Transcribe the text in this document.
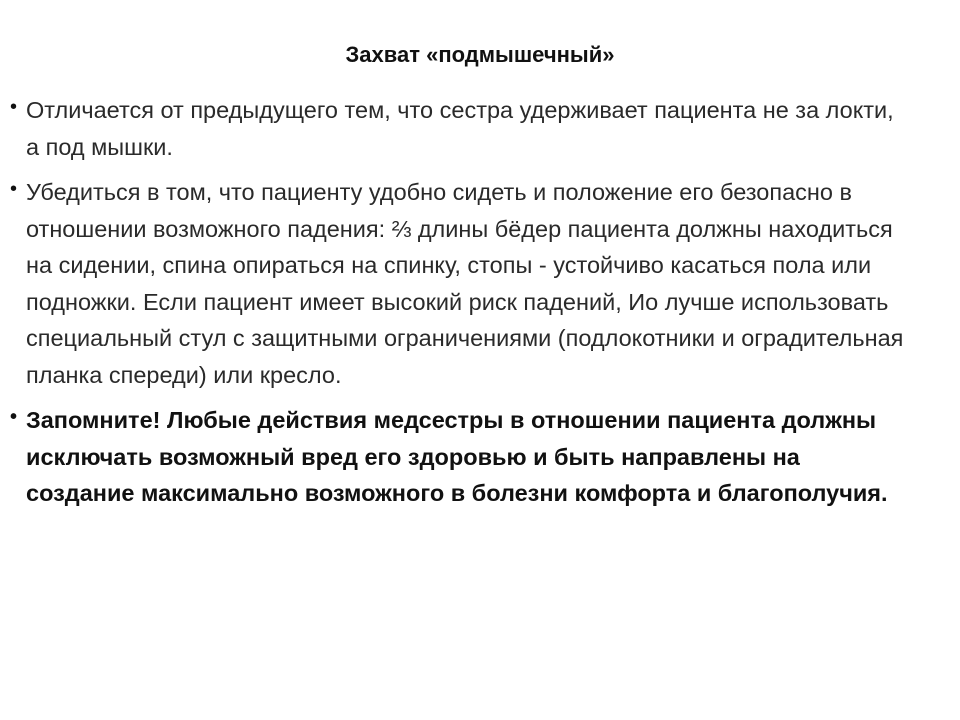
Захват «подмышечный»
• Отличается от предыдущего тем, что сестра удерживает пациента не за локти, а под мышки.
• Убедиться в том, что пациенту удобно сидеть и положение его безопасно в отношении возможного падения: ⅔ длины бёдер пациента должны находиться на сидении, спина опираться на спинку, стопы - устойчиво касаться пола или подножки. Если пациент имеет высокий риск падений, Ио лучше использовать специальный стул с защитными ограничениями (подлокотники и оградительная планка спереди) или кресло.
• Запомните! Любые действия медсестры в отношении пациента должны исключать возможный вред его здоровью и быть направлены на создание максимально возможного в болезни комфорта и благополучия.
